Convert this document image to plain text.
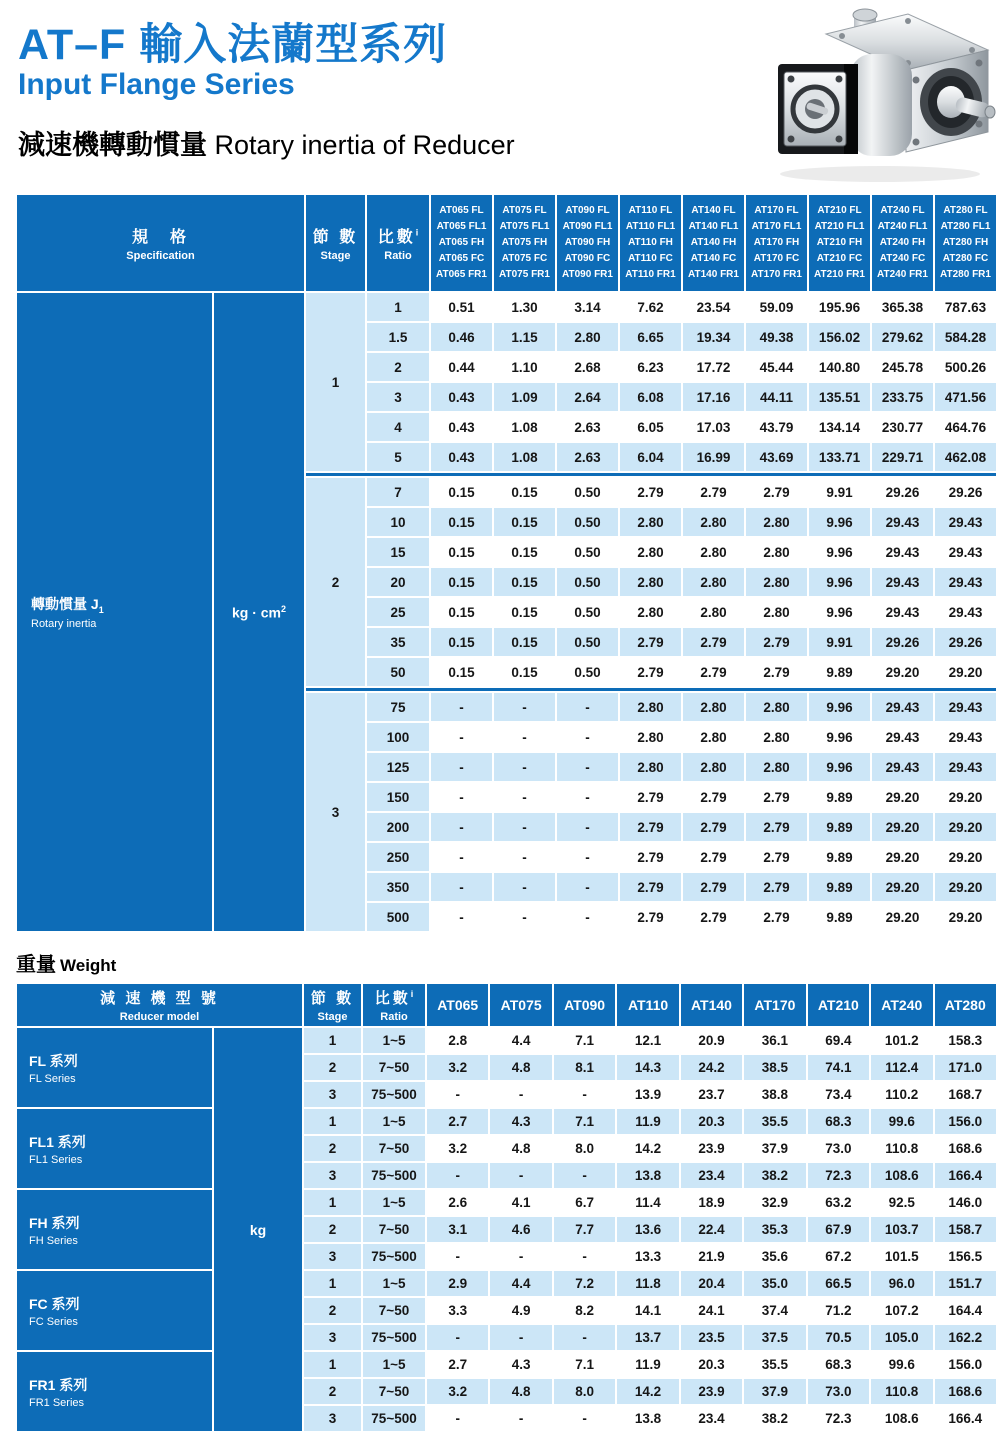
AT–F 輸入法蘭型系列
Input Flange Series
減速機轉動慣量 Rotary inertia of Reducer
規　格
Specification

節 數
Stage

比數$^i$
Ratio

AT065 FL
AT065 FL1
AT065 FH
AT065 FC
AT065 FR1

AT075 FL
AT075 FL1
AT075 FH
AT075 FC
AT075 FR1

AT090 FL
AT090 FL1
AT090 FH
AT090 FC
AT090 FR1

AT110 FL
AT110 FL1
AT110 FH
AT110 FC
AT110 FR1

AT140 FL
AT140 FL1
AT140 FH
AT140 FC
AT140 FR1

AT170 FL
AT170 FL1
AT170 FH
AT170 FC
AT170 FR1

AT210 FL
AT210 FL1
AT210 FH
AT210 FC
AT210 FR1

AT240 FL
AT240 FL1
AT240 FH
AT240 FC
AT240 FR1

AT280 FL
AT280 FL1
AT280 FH
AT280 FC
AT280 FR1

轉動慣量 $J_1$
Rotary inertia	kg · $cm^2$	1	1	0.51	1.30	3.14	7.62	23.54	59.09	195.96	365.38	787.63
			1.5	0.46	1.15	2.80	6.65	19.34	49.38	156.02	279.62	584.28
			2	0.44	1.10	2.68	6.23	17.72	45.44	140.80	245.78	500.26
			3	0.43	1.09	2.64	6.08	17.16	44.11	135.51	233.75	471.56
			4	0.43	1.08	2.63	6.05	17.03	43.79	134.14	230.77	464.76
			5	0.43	1.08	2.63	6.04	16.99	43.69	133.71	229.71	462.08

		2	7	0.15	0.15	0.50	2.79	2.79	2.79	9.91	29.26	29.26
			10	0.15	0.15	0.50	2.80	2.80	2.80	9.96	29.43	29.43
			15	0.15	0.15	0.50	2.80	2.80	2.80	9.96	29.43	29.43
			20	0.15	0.15	0.50	2.80	2.80	2.80	9.96	29.43	29.43
			25	0.15	0.15	0.50	2.80	2.80	2.80	9.96	29.43	29.43
			35	0.15	0.15	0.50	2.79	2.79	2.79	9.91	29.26	29.26
			50	0.15	0.15	0.50	2.79	2.79	2.79	9.89	29.20	29.20

		3	75	-	-	-	2.80	2.80	2.80	9.96	29.43	29.43
			100	-	-	-	2.80	2.80	2.80	9.96	29.43	29.43
			125	-	-	-	2.80	2.80	2.80	9.96	29.43	29.43
			150	-	-	-	2.79	2.79	2.79	9.89	29.20	29.20
			200	-	-	-	2.79	2.79	2.79	9.89	29.20	29.20
			250	-	-	-	2.79	2.79	2.79	9.89	29.20	29.20
			350	-	-	-	2.79	2.79	2.79	9.89	29.20	29.20
			500	-	-	-	2.79	2.79	2.79	9.89	29.20	29.20
重量 Weight
減 速 機 型 號
Reducer model

節 數
Stage

比數$^i$
Ratio
	AT065	AT075	AT090	AT110	AT140	AT170	AT210	AT240	AT280

FL 系列
FL Series	kg	1	1~5	2.8	4.4	7.1	12.1	20.9	36.1	69.4	101.2	158.3
		2	7~50	3.2	4.8	8.1	14.3	24.2	38.5	74.1	112.4	171.0
		3	75~500	-	-	-	13.9	23.7	38.8	73.4	110.2	168.7

FL1 系列
FL1 Series		1	1~5	2.7	4.3	7.1	11.9	20.3	35.5	68.3	99.6	156.0
		2	7~50	3.2	4.8	8.0	14.2	23.9	37.9	73.0	110.8	168.6
		3	75~500	-	-	-	13.8	23.4	38.2	72.3	108.6	166.4

FH 系列
FH Series		1	1~5	2.6	4.1	6.7	11.4	18.9	32.9	63.2	92.5	146.0
		2	7~50	3.1	4.6	7.7	13.6	22.4	35.3	67.9	103.7	158.7
		3	75~500	-	-	-	13.3	21.9	35.6	67.2	101.5	156.5

FC 系列
FC Series		1	1~5	2.9	4.4	7.2	11.8	20.4	35.0	66.5	96.0	151.7
		2	7~50	3.3	4.9	8.2	14.1	24.1	37.4	71.2	107.2	164.4
		3	75~500	-	-	-	13.7	23.5	37.5	70.5	105.0	162.2

FR1 系列
FR1 Series		1	1~5	2.7	4.3	7.1	11.9	20.3	35.5	68.3	99.6	156.0
		2	7~50	3.2	4.8	8.0	14.2	23.9	37.9	73.0	110.8	168.6
		3	75~500	-	-	-	13.8	23.4	38.2	72.3	108.6	166.4
